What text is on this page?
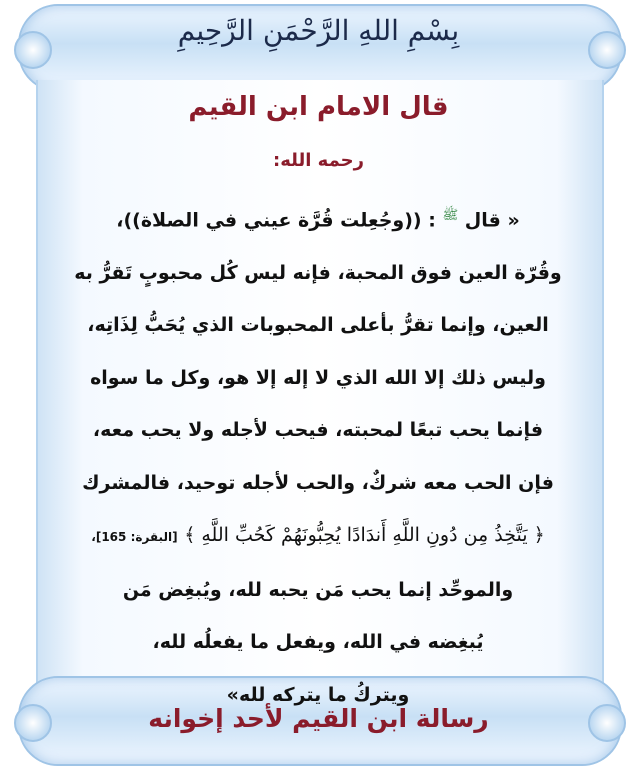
بِسْمِ اللهِ الرَّحْمَنِ الرَّحِيمِ
قال الامام ابن القيم
رحمه الله:
« قال $^ﷺ$ : ((وجُعِلت قُرَّة عيني في الصلاة))،
وقُرّة العين فوق المحبة، فإنه ليس كُل محبوبٍ تَقرُّ به
العين، وإنما تقرُّ بأعلى المحبوبات الذي يُحَبُّ لِذَاتِه،
وليس ذلك إلا الله الذي لا إله إلا هو، وكل ما سواه
فإنما يحب تبعًا لمحبته، فيحب لأجله ولا يحب معه،
فإن الحب معه شركٌ، والحب لأجله توحيد، فالمشرك
﴿ يَتَّخِذُ مِن دُونِ اللَّهِ أَندَادًا يُحِبُّونَهُمْ كَحُبِّ اللَّهِ ﴾ [البقرة: 165]،
والموحِّد إنما يحب مَن يحبه لله، ويُبغِض مَن
يُبغِضه في الله، ويفعل ما يفعلُه لله،
ويتركُ ما يتركه لله»
رسالة ابن القيم لأحد إخوانه
